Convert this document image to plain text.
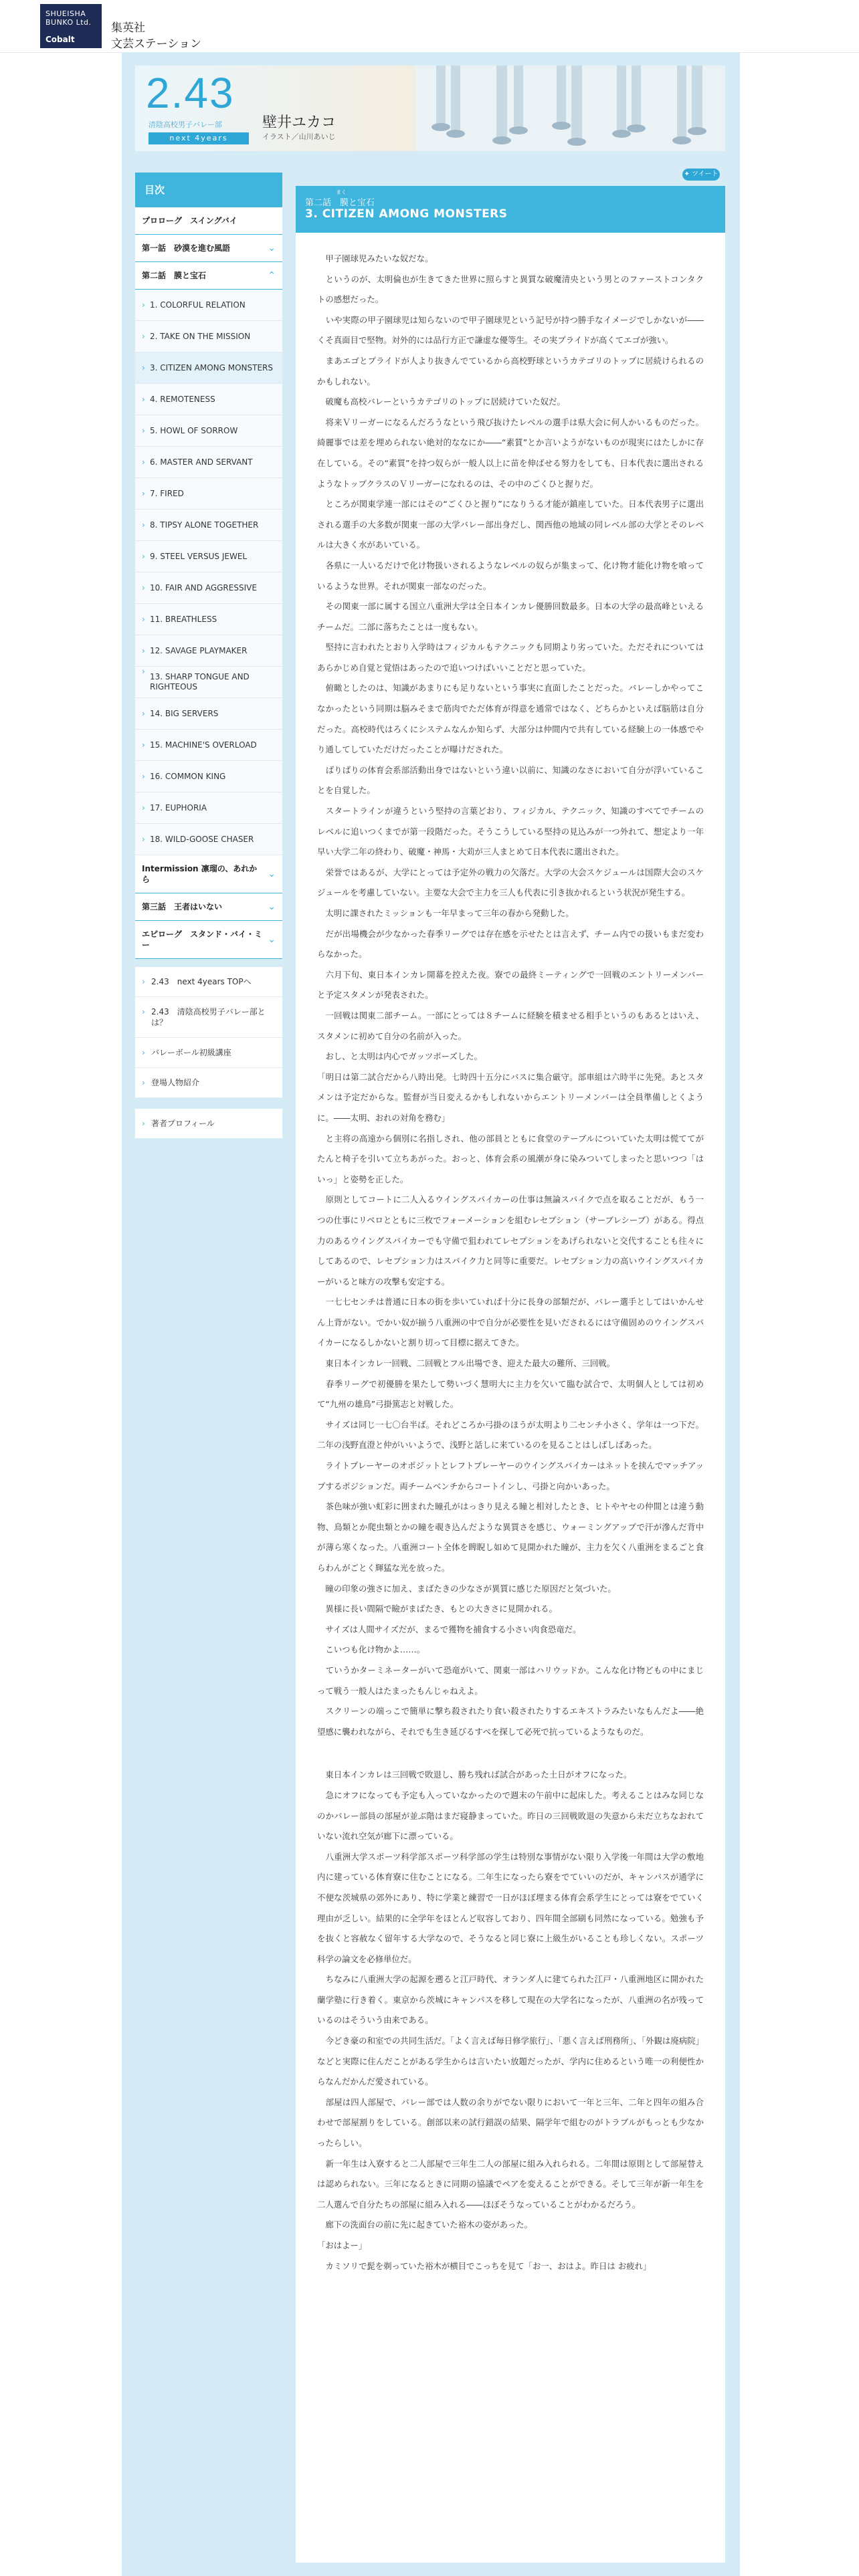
SHUEISHA BUNKO Ltd.
Cobalt
集英社
文芸ステーション
2.43
清陰高校男子バレー部
next 4years
壁井ユカコ
イラスト／山川あいじ
目次
プロローグ　スイングバイ
第一話　砂漠を進む風語	⌄
第二話　膜と宝石	⌃
› 1. COLORFUL RELATION
› 2. TAKE ON THE MISSION
› 3. CITIZEN AMONG MONSTERS
› 4. REMOTENESS
› 5. HOWL OF SORROW
› 6. MASTER AND SERVANT
› 7. FIRED
› 8. TIPSY ALONE TOGETHER
› 9. STEEL VERSUS JEWEL
› 10. FAIR AND AGGRESSIVE
› 11. BREATHLESS
› 12. SAVAGE PLAYMAKER
› 13. SHARP TONGUE AND RIGHTEOUS
› 14. BIG SERVERS
› 15. MACHINE'S OVERLOAD
› 16. COMMON KING
› 17. EUPHORIA
› 18. WILD-GOOSE CHASER
Intermission 凛瑠の、あれから	⌄
第三話　王者はいない	⌄
エピローグ　スタンド・バイ・ミー	⌄
› 2.43　next 4years TOPへ
› 2.43　清陰高校男子バレー部とは？
› バレーボール初級講座
› 登場人物紹介
› 著者プロフィール
✦ ツイート
まく
第二話　膜と宝石
3. CITIZEN AMONG MONSTERS

　甲子園球児みたいな奴だな。

　というのが、太明倫也が生きてきた世界に照らすと異質な破魔清央という男とのファーストコンタクトの感想だった。

　いや実際の甲子園球児は知らないので甲子園球児という記号が持つ勝手なイメージでしかないが――くそ真面目で堅物。対外的には品行方正で謙虚な優等生。その実プライドが高くてエゴが強い。

　まあエゴとプライドが人より抜きんでているから高校野球というカテゴリのトップに居続けられるのかもしれない。

　破魔も高校バレーというカテゴリのトップに居続けていた奴だ。

　将来Ｖリーガーになるんだろうなという飛び抜けたレベルの選手は県大会に何人かいるものだった。綺麗事では差を埋められない絶対的ななにか――“素質”とか言いようがないものが現実にはたしかに存在している。その“素質”を持つ奴らが一般人以上に苗を伸ばせる努力をしても、日本代表に選出されるようなトップクラスのＶリーガーになれるのは、その中のごくひと握りだ。

　ところが関東学連一部にはその“ごくひと握り”になりうる才能が鎮座していた。日本代表男子に選出される選手の大多数が関東一部の大学バレー部出身だし、関西他の地域の同レベル部の大学とそのレベルは大きく水があいている。

　各県に一人いるだけで化け物扱いされるようなレベルの奴らが集まって、化け物才能化け物を喰っているような世界。それが関東一部なのだった。

　その関東一部に属する国立八重洲大学は全日本インカレ優勝回数最多。日本の大学の最高峰といえるチームだ。二部に落ちたことは一度もない。

　堅持に言われたとおり入学時はフィジカルもテクニックも同期より劣っていた。ただそれについてはあらかじめ自覚と覚悟はあったので追いつけばいいことだと思っていた。

　俯瞰としたのは、知識があまりにも足りないという事実に直面したことだった。バレーしかやってこなかったという同期は脳みそまで筋肉でただ体育が得意を通常ではなく、どちらかといえば脳筋は自分だった。高校時代はろくにシステムなんか知らず、大部分は仲間内で共有している経験上の一体感でやり通してしていただけだったことが曝けだされた。

　ばりばりの体育会系部活動出身ではないという違い以前に、知識のなさにおいて自分が浮いていることを自覚した。

　スタートラインが違うという堅持の言葉どおり、フィジカル、テクニック、知識のすべてでチームのレベルに追いつくまでが第一段階だった。そうこうしている堅持の見込みが一つ外れて、想定より一年早い大学二年の終わり、破魔・神馬・大苅が三人まとめて日本代表に選出された。

　栄誉ではあるが、大学にとっては予定外の戦力の欠落だ。大学の大会スケジュールは国際大会のスケジュールを考慮していない。主要な大会で主力を三人も代表に引き抜かれるという状況が発生する。

　太明に課されたミッションも一年早まって三年の春から発動した。

　だが出場機会が少なかった春季リーグでは存在感を示せたとは言えず、チーム内での扱いもまだ変わらなかった。

　六月下旬、東日本インカレ開幕を控えた夜。寮での最終ミーティングで一回戦のエントリーメンバーと予定スタメンが発表された。

　一回戦は関東二部チーム。一部にとっては８チームに経験を積ませる相手というのもあるとはいえ、スタメンに初めて自分の名前が入った。

　おし、と太明は内心でガッツポーズした。

「明日は第二試合だから八時出発。七時四十五分にバスに集合厳守。部車組は六時半に先発。あとスタメンは予定だからな。監督が当日変えるかもしれないからエントリーメンバーは全員準備しとくように。――太明、おれの対角を務む」

　と主将の高遠から個別に名指しされ、他の部員とともに食堂のテーブルについていた太明は慌ててがたんと椅子を引いて立ちあがった。おっと、体育会系の風潮が身に染みついてしまったと思いつつ「はいっ」と姿勢を正した。

　原則としてコートに二人入るウイングスパイカーの仕事は無論スパイクで点を取ることだが、もう一つの仕事にリベロとともに三枚でフォーメーションを組むレセプション（サーブレシーブ）がある。得点力のあるウイングスパイカーでも守備で狙われてレセプションをあげられないと交代することも往々にしてあるので、レセプション力はスパイク力と同等に重要だ。レセプション力の高いウイングスパイカーがいると味方の攻撃も安定する。

　一七七センチは普通に日本の街を歩いていれば十分に長身の部類だが、バレー選手としてはいかんせん上背がない。でかい奴が揃う八重洲の中で自分が必要性を見いだされるには守備固めのウイングスパイカーになるしかないと割り切って目標に据えてきた。

　東日本インカレ一回戦、二回戦とフル出場でき、迎えた最大の難所、三回戦。

　春季リーグで初優勝を果たして勢いづく慧明大に主力を欠いて臨む試合で、太明個人としては初めて“九州の雄鳥”弓掛篤志と対戦した。

　サイズは同じ一七〇台半ば。それどころか弓掛のほうが太明より二センチ小さく、学年は一つ下だ。二年の浅野直澄と仲がいいようで、浅野と話しに来ているのを見ることはしばしばあった。

　ライトプレーヤーのオポジットとレフトプレーヤーのウイングスパイカーはネットを挟んでマッチアップするポジションだ。両チームベンチからコートインし、弓掛と向かいあった。

　茶色味が強い虹彩に囲まれた瞳孔がはっきり見える瞳と相対したとき、ヒトやヤセの仲間とは違う動物、鳥類とか爬虫類とかの瞳を覗き込んだような異質さを感じ、ウォーミングアップで汗が滲んだ背中が薄ら寒くなった。八重洲コート全体を睥睨し如めて見開かれた瞳が、主力を欠く八重洲をまるごと食らわんがごとく輝猛な光を放った。

　瞳の印象の強さに加え、まばたきの少なさが異質に感じた原因だと気づいた。

　異様に長い間隔で瞼がまばたき、もとの大きさに見開かれる。

　サイズは人間サイズだが、まるで獲物を捕食する小さい肉食恐竜だ。

　こいつも化け物かよ……。

　ていうかターミネーターがいて恐竜がいて、関東一部はハリウッドか。こんな化け物どもの中にまじって戦う一般人はたまったもんじゃねえよ。

　スクリーンの端っこで簡単に撃ち殺されたり食い殺されたりするエキストラみたいなもんだよ――絶望感に襲われながら、それでも生き延びるすべを探して必死で抗っているようなものだ。

　東日本インカレは三回戦で敗退し、勝ち残れば試合があった土日がオフになった。

　急にオフになっても予定も入っていなかったので週末の午前中に起床した。考えることはみな同じなのかバレー部員の部屋が並ぶ階はまだ寝静まっていた。昨日の三回戦敗退の失意から未だ立ちなおれていない流れ空気が廊下に漂っている。

　八重洲大学スポーツ科学部スポーツ科学部の学生は特別な事情がない限り入学後一年間は大学の敷地内に建っている体育寮に住むことになる。二年生になったら寮をでていいのだが、キャンパスが通学に不便な茨城県の郊外にあり、特に学業と練習で一日がほぼ埋まる体育会系学生にとっては寮をでていく理由が乏しい。結果的に全学年をほとんど収容しており、四年間全部刷も同然になっている。勉強も予を抜くと容赦なく留年する大学なので、そうなると同じ寮に上級生がいることも珍しくない。スポーツ科学の論文を必修単位だ。

　ちなみに八重洲大学の起源を遡ると江戸時代、オランダ人に建てられた江戸・八重洲地区に開かれた蘭学塾に行き着く。東京から茨城にキャンパスを移して現在の大学名になったが、八重洲の名が残っているのはそういう由来である。

　今どき豪の和室での共同生活だ。「よく言えば毎日修学旅行」、「悪く言えば刑務所」、「外観は廃病院」などと実際に住んだことがある学生からは言いたい放題だったが、学内に住めるという唯一の利便性からなんだかんだ愛されている。

　部屋は四人部屋で、バレー部では人数の余りがでない限りにおいて一年と三年、二年と四年の組み合わせで部屋割りをしている。創部以来の試行錯誤の結果、隔学年で組むのがトラブルがもっとも少なかったらしい。

　新一年生は入寮すると二人部屋で三年生二人の部屋に組み入れられる。二年間は原則として部屋替えは認められない。三年になるときに同期の協議でペアを変えることができる。そして三年が新一年生を二人選んで自分たちの部屋に組み入れる――ほぼそうなっていることがわかるだろう。

　廊下の洗面台の前に先に起きていた裕木の姿があった。

「おはよー」

　カミソリで髭を剃っていた裕木が横目でこっちを見て「お一、おはよ。昨日は お疲れ」
